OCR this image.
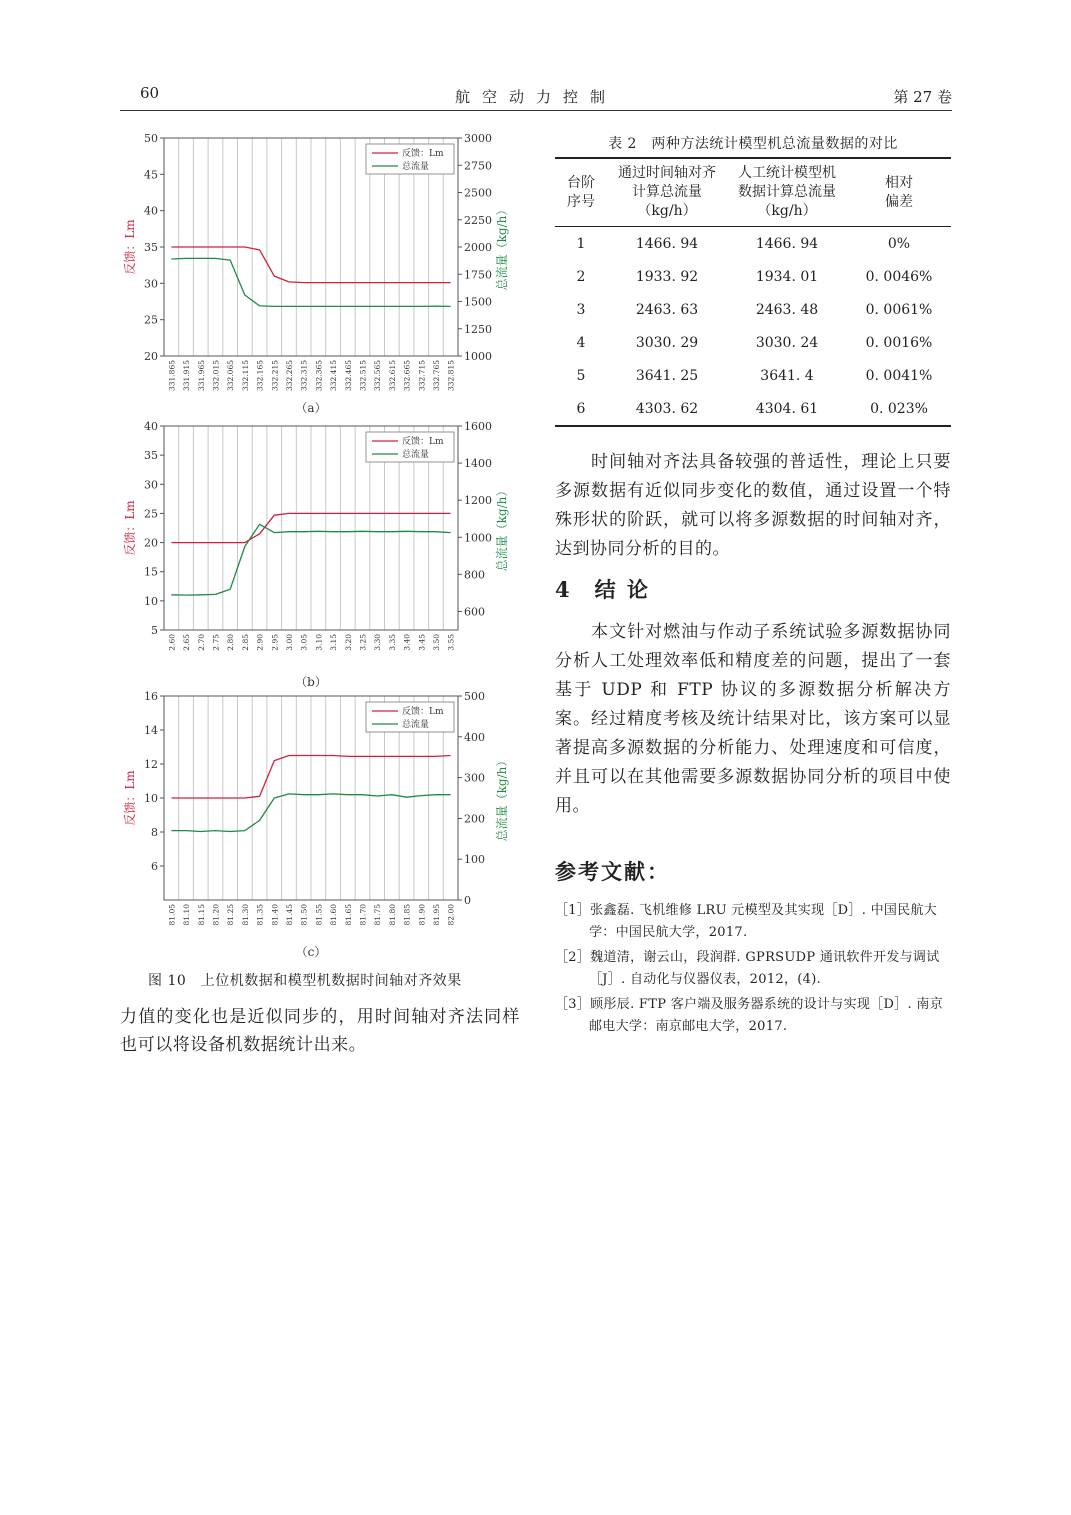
60	航空动力控制	第 27 卷
20
25
30
35
40
45
50
1000
1250
1500
1750
2000
2250
2500
2750
3000
331.865 331.915 331.965 332.015 332.065 332.115 332.165 332.215 332.265 332.315 332.365 332.415 332.465 332.515 332.565 332.615 332.665 332.715 332.765 332.815
反馈：Lm	总流量（kg/h）
反馈：Lm
总流量
（a）
5
10
15
20
25
30
35
40
600
800
1000
1200
1400
1600
2.60 2.65 2.70 2.75 2.80 2.85 2.90 2.95 3.00 3.05 3.10 3.15 3.20 3.25 3.30 3.35 3.40 3.45 3.50 3.55
反馈：Lm	总流量（kg/h）
反馈：Lm
总流量
（b）
6
8
10
12
14
16
0
100
200
300
400
500
81.05 81.10 81.15 81.20 81.25 81.30 81.35 81.40 81.45 81.50 81.55 81.60 81.65 81.70 81.75 81.80 81.85 81.90 81.95 82.00
反馈：Lm	总流量（kg/h）
反馈：Lm
总流量
（c）
图 10　上位机数据和模型机数据时间轴对齐效果
力值的变化也是近似同步的，用时间轴对齐法同样也可以将设备机数据统计出来。
表 2　两种方法统计模型机总流量数据的对比
台阶
序号	通过时间轴对齐
计算总流量
（kg/h）	人工统计模型机
数据计算总流量
（kg/h）	相对
偏差
1	1466. 94	1466. 94	0%
2	1933. 92	1934. 01	0. 0046%
3	2463. 63	2463. 48	0. 0061%
4	3030. 29	3030. 24	0. 0016%
5	3641. 25	3641. 4	0. 0041%
6	4303. 62	4304. 61	0. 023%
　　时间轴对齐法具备较强的普适性，理论上只要多源数据有近似同步变化的数值，通过设置一个特殊形状的阶跃，就可以将多源数据的时间轴对齐，达到协同分析的目的。
4　结 论
　　本文针对燃油与作动子系统试验多源数据协同分析人工处理效率低和精度差的问题，提出了一套基于 UDP 和 FTP 协议的多源数据分析解决方案。经过精度考核及统计结果对比，该方案可以显著提高多源数据的分析能力、处理速度和可信度，并且可以在其他需要多源数据协同分析的项目中使用。
参考文献：
［1］张鑫磊. 飞机维修 LRU 元模型及其实现［D］. 中国民航大学：中国民航大学，2017.
［2］魏道清，谢云山，段润群. GPRSUDP 通讯软件开发与调试［J］. 自动化与仪器仪表，2012，(4).
［3］顾彤辰. FTP 客户端及服务器系统的设计与实现［D］. 南京邮电大学：南京邮电大学，2017.
